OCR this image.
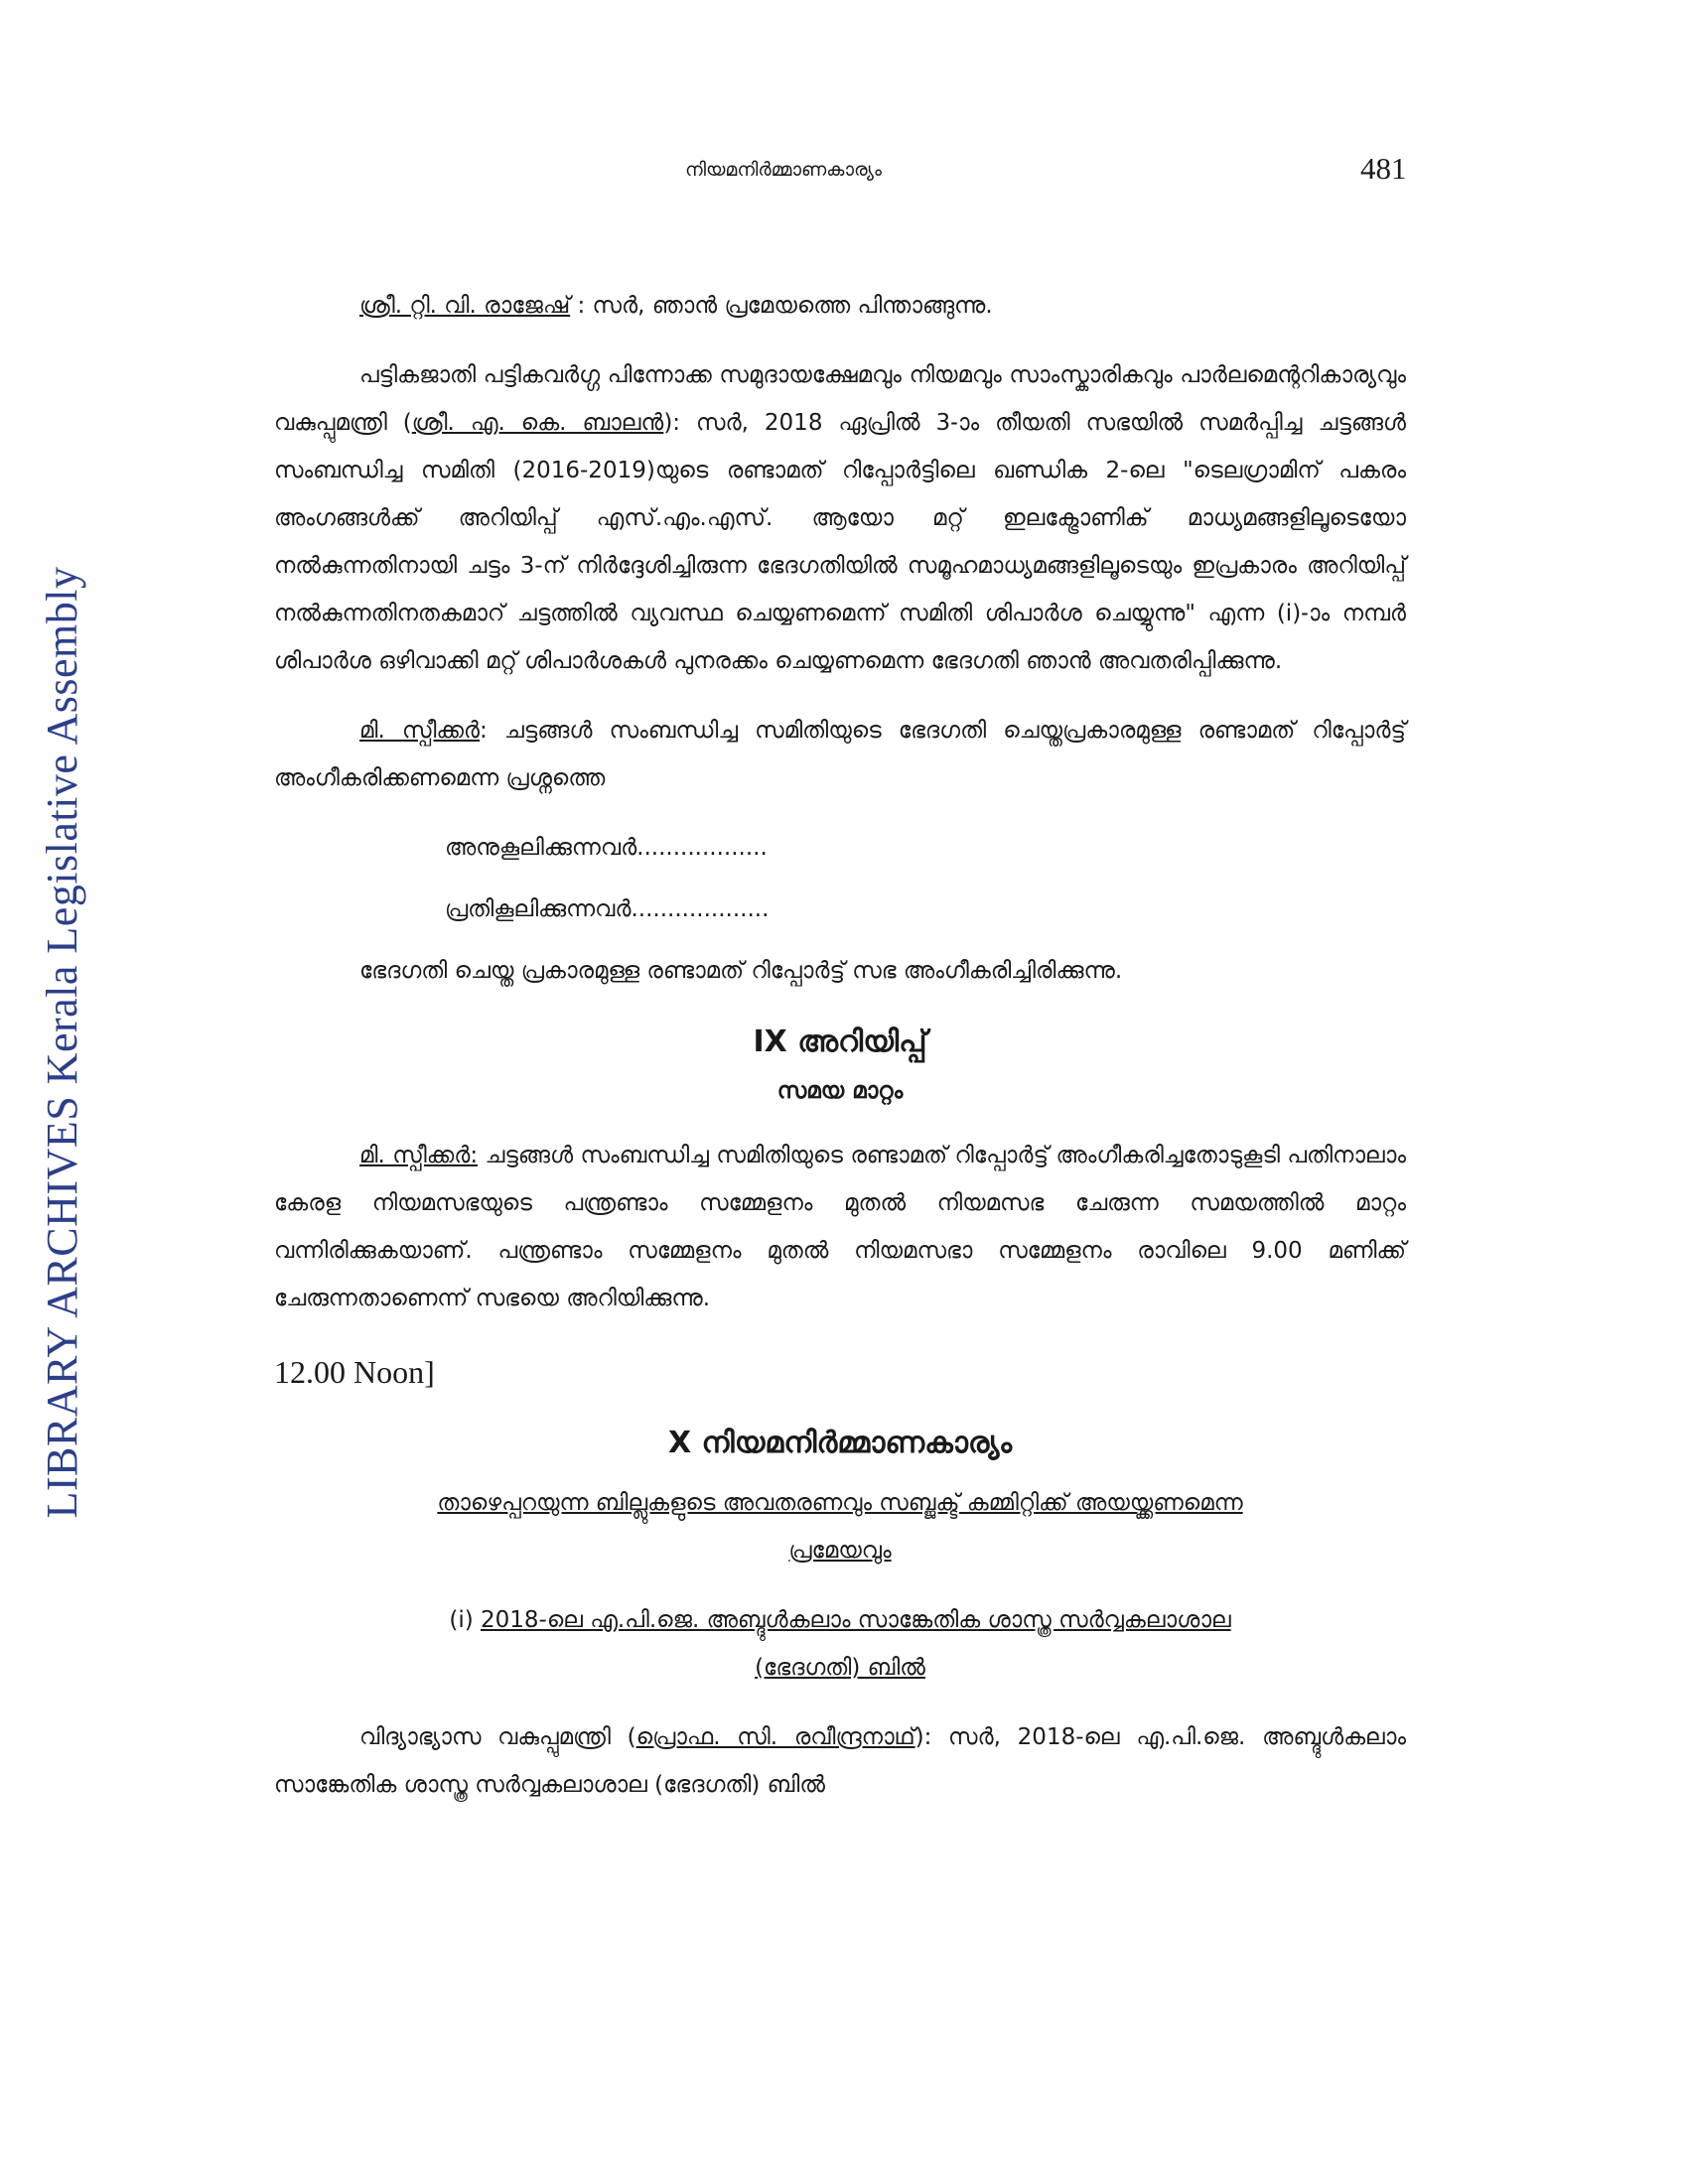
LIBRARY ARCHIVES Kerala Legislative Assembly
നിയമനിർമ്മാണകാര്യം	481

ശ്രീ. റ്റി. വി. രാജേഷ് : സർ, ഞാൻ പ്രമേയത്തെ പിന്താങ്ങുന്നു.

പട്ടികജാതി പട്ടികവർഗ്ഗ പിന്നോക്ക സമുദായക്ഷേമവും നിയമവും സാംസ്കാരികവും പാർലമെന്ററികാര്യവും വകുപ്പുമന്ത്രി (ശ്രീ. എ. കെ. ബാലൻ): സർ, 2018 ഏപ്രിൽ 3-ാം തീയതി സഭയിൽ സമർപ്പിച്ച ചട്ടങ്ങൾ സംബന്ധിച്ച സമിതി (2016-2019)യുടെ രണ്ടാമത് റിപ്പോർട്ടിലെ ഖണ്ഡിക 2-ലെ "ടെലഗ്രാമിന് പകരം അംഗങ്ങൾക്ക് അറിയിപ്പ് എസ്.എം.എസ്. ആയോ മറ്റ് ഇലക്ട്രോണിക് മാധ്യമങ്ങളിലൂടെയോ നൽകുന്നതിനായി ചട്ടം 3-ന് നിർദ്ദേശിച്ചിരുന്ന ഭേദഗതിയിൽ സമൂഹമാധ്യമങ്ങളിലൂടെയും ഇപ്രകാരം അറിയിപ്പ് നൽകുന്നതിനതകമാറ് ചട്ടത്തിൽ വ്യവസ്ഥ ചെയ്യണമെന്ന് സമിതി ശിപാർശ ചെയ്യുന്നു" എന്ന (i)-ാം നമ്പർ ശിപാർശ ഒഴിവാക്കി മറ്റ് ശിപാർശകൾ പുനരക്കം ചെയ്യണമെന്ന ഭേദഗതി ഞാൻ അവതരിപ്പിക്കുന്നു.

മി. സ്പീക്കർ: ചട്ടങ്ങൾ സംബന്ധിച്ച സമിതിയുടെ ഭേദഗതി ചെയ്തപ്രകാരമുള്ള രണ്ടാമത് റിപ്പോർട്ട് അംഗീകരിക്കണമെന്ന പ്രശ്നത്തെ

അനുകൂലിക്കുന്നവർ..................

പ്രതികൂലിക്കുന്നവർ...................

ഭേദഗതി ചെയ്ത പ്രകാരമുള്ള രണ്ടാമത് റിപ്പോർട്ട് സഭ അംഗീകരിച്ചിരിക്കുന്നു.

IX അറിയിപ്പ്
സമയ മാറ്റം

മി. സ്പീക്കർ: ചട്ടങ്ങൾ സംബന്ധിച്ച സമിതിയുടെ രണ്ടാമത് റിപ്പോർട്ട് അംഗീകരിച്ചതോടുകൂടി പതിനാലാം കേരള നിയമസഭയുടെ പന്ത്രണ്ടാം സമ്മേളനം മുതൽ നിയമസഭ ചേരുന്ന സമയത്തിൽ മാറ്റം വന്നിരിക്കുകയാണ്. പന്ത്രണ്ടാം സമ്മേളനം മുതൽ നിയമസഭാ സമ്മേളനം രാവിലെ 9.00 മണിക്ക് ചേരുന്നതാണെന്ന് സഭയെ അറിയിക്കുന്നു.

12.00 Noon]
X നിയമനിർമ്മാണകാര്യം
താഴെപ്പറയുന്ന ബില്ലുകളുടെ അവതരണവും സബ്ജക്ട് കമ്മിറ്റിക്ക് അയയ്ക്കണമെന്ന
പ്രമേയവും
(i) 2018-ലെ എ.പി.ജെ. അബ്ദുൾകലാം സാങ്കേതിക ശാസ്ത്ര സർവ്വകലാശാല
(ഭേദഗതി) ബിൽ

വിദ്യാഭ്യാസ വകുപ്പുമന്ത്രി (പ്രൊഫ. സി. രവീന്ദ്രനാഥ്): സർ, 2018-ലെ എ.പി.ജെ. അബ്ദുൾകലാം സാങ്കേതിക ശാസ്ത്ര സർവ്വകലാശാല (ഭേദഗതി) ബിൽ
